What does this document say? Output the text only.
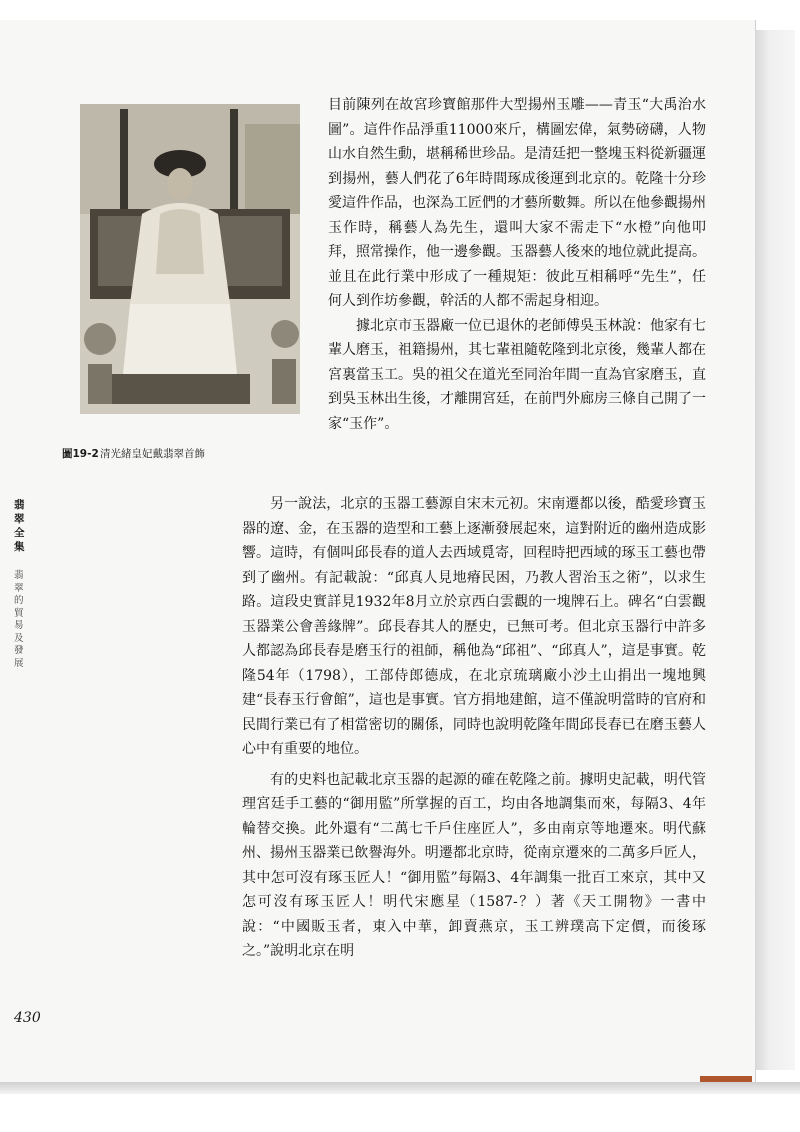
圖19-2 清光緒皇妃戴翡翠首飾
翡翠全集
翡翠的貿易及發展

目前陳列在故宮珍寶館那件大型揚州玉雕——青玉“大禹治水圖”。這件作品淨重11000來斤，構圖宏偉，氣勢磅礴，人物山水自然生動，堪稱稀世珍品。是清廷把一整塊玉料從新疆運到揚州，藝人們花了6年時間琢成後運到北京的。乾隆十分珍愛這件作品，也深為工匠們的才藝所數舞。所以在他參觀揚州玉作時，稱藝人為先生，還叫大家不需走下“水橙”向他叩拜，照常操作，他一邊參觀。玉器藝人後來的地位就此提高。並且在此行業中形成了一種規矩：彼此互相稱呼“先生”，任何人到作坊參觀，幹活的人都不需起身相迎。

據北京市玉器廠一位已退休的老師傅吳玉林說：他家有七輩人磨玉，祖籍揚州，其七輩祖隨乾隆到北京後，幾輩人都在宮裏當玉工。吳的祖父在道光至同治年間一直為官家磨玉，直到吳玉林出生後，才離開宮廷，在前門外廊房三條自己開了一家“玉作”。

另一說法，北京的玉器工藝源自宋末元初。宋南遷都以後，酷愛珍寶玉器的遼、金，在玉器的造型和工藝上逐漸發展起來，這對附近的幽州造成影響。這時，有個叫邱長春的道人去西域覓寄，回程時把西域的琢玉工藝也帶到了幽州。有記載說：“邱真人見地瘠民困，乃教人習治玉之術”，以求生路。這段史實詳見1932年8月立於京西白雲觀的一塊牌石上。碑名“白雲觀玉器業公會善緣牌”。邱長春其人的歷史，已無可考。但北京玉器行中許多人都認為邱長春是磨玉行的祖師，稱他為“邱祖”、“邱真人”，這是事實。乾隆54年（1798），工部侍郎德成，在北京琉璃廠小沙土山捐出一塊地興建“長春玉行會館”，這也是事實。官方捐地建館，這不僅說明當時的官府和民間行業已有了相當密切的關係，同時也說明乾隆年間邱長春已在磨玉藝人心中有重要的地位。

有的史料也記載北京玉器的起源的確在乾隆之前。據明史記載，明代管理宮廷手工藝的“御用監”所掌握的百工，均由各地調集而來，每隔3、4年輪替交換。此外還有“二萬七千戶住座匠人”，多由南京等地遷來。明代蘇州、揚州玉器業已飲譽海外。明遷都北京時，從南京遷來的二萬多戶匠人，其中怎可沒有琢玉匠人！“御用監”每隔3、4年調集一批百工來京，其中又怎可沒有琢玉匠人！明代宋應星（1587-？）著《天工開物》一書中說：“中國販玉者，東入中華，卸賣燕京，玉工辨璞高下定價，而後琢之。”說明北京在明

430
